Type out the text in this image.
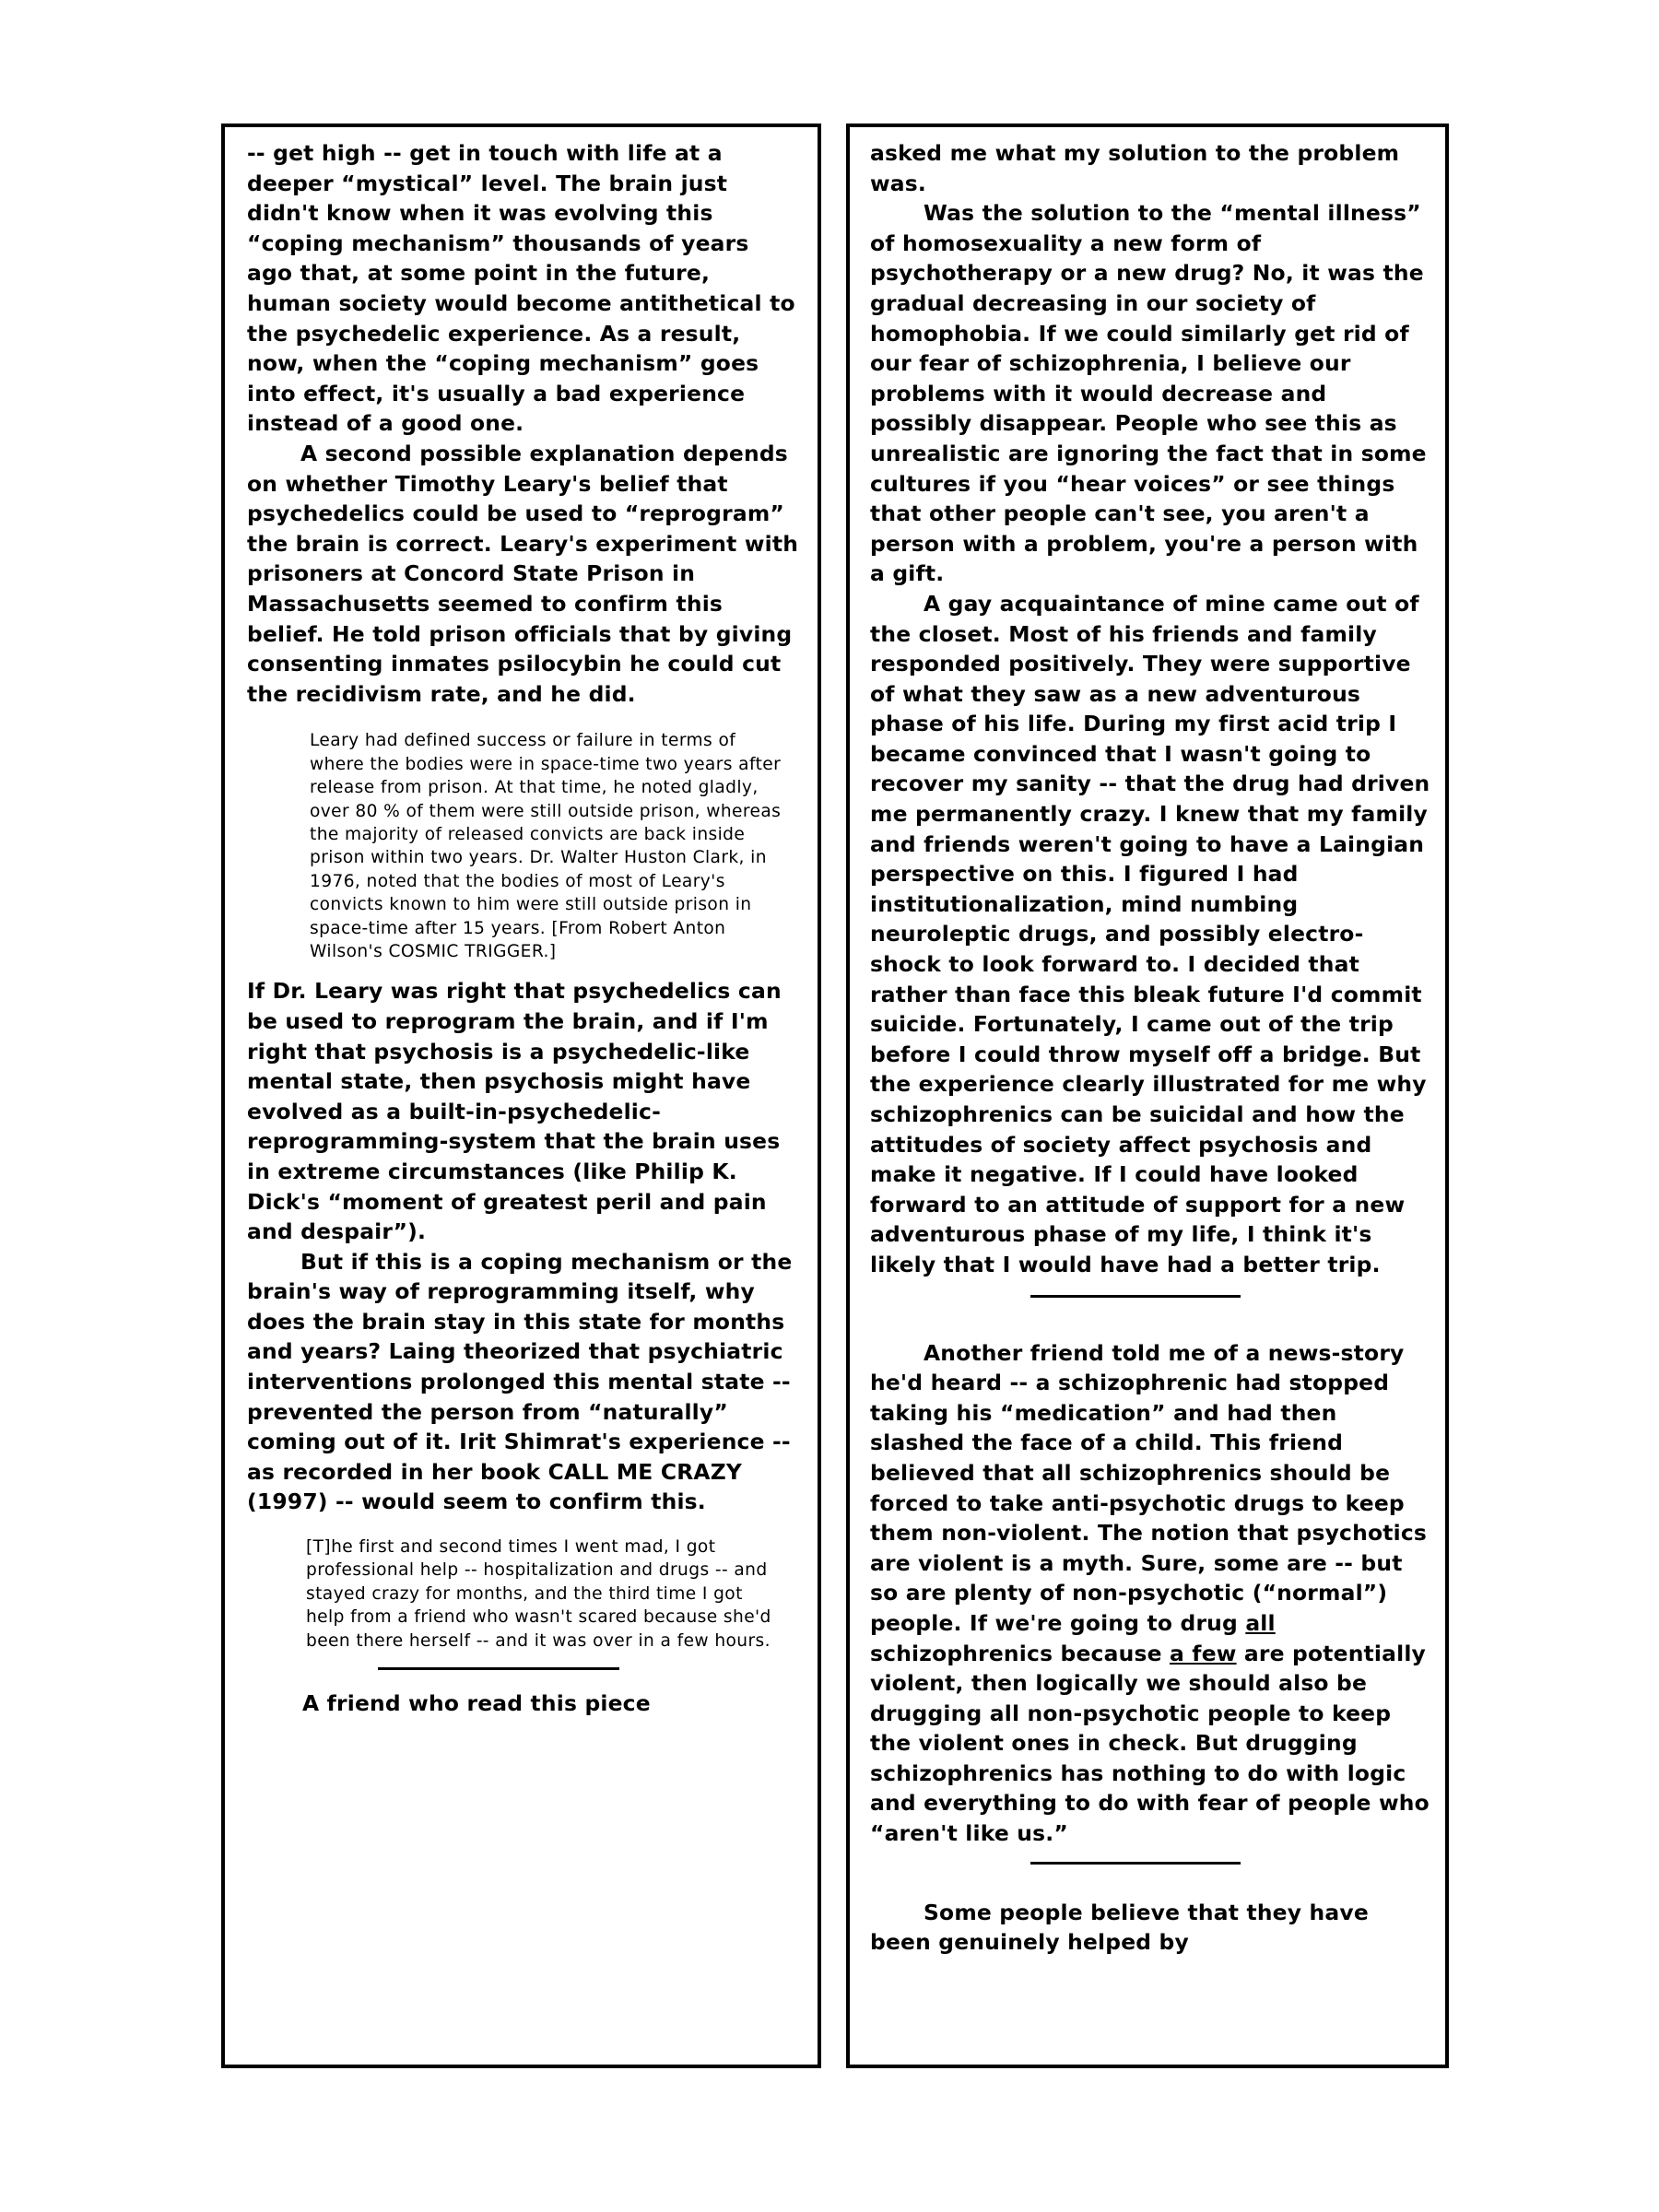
-- get high -- get in touch with life at a deeper “mystical” level. The brain just didn't know when it was evolving this “coping mechanism” thousands of years ago that, at some point in the future, human society would become antithetical to the psychedelic experience. As a result, now, when the “coping mechanism” goes into effect, it's usually a bad experience instead of a good one.

A second possible explanation depends on whether Timothy Leary's belief that psychedelics could be used to “reprogram” the brain is correct. Leary's experiment with prisoners at Concord State Prison in Massachusetts seemed to confirm this belief. He told prison officials that by giving consenting inmates psilocybin he could cut the recidivism rate, and he did.

Leary had defined success or failure in terms of where the bodies were in space-time two years after release from prison. At that time, he noted gladly, over 80 % of them were still outside prison, whereas the majority of released convicts are back inside prison within two years. Dr. Walter Huston Clark, in 1976, noted that the bodies of most of Leary's convicts known to him were still outside prison in space-time after 15 years. [From Robert Anton Wilson's COSMIC TRIGGER.]

If Dr. Leary was right that psychedelics can be used to reprogram the brain, and if I'm right that psychosis is a psychedelic-like mental state, then psychosis might have evolved as a built-in-psychedelic-reprogramming-system that the brain uses in extreme circumstances (like Philip K. Dick's “moment of greatest peril and pain and despair”).

But if this is a coping mechanism or the brain's way of reprogramming itself, why does the brain stay in this state for months and years? Laing theorized that psychiatric interventions prolonged this mental state -- prevented the person from “naturally” coming out of it. Irit Shimrat's experience -- as recorded in her book CALL ME CRAZY (1997) -- would seem to confirm this.

[T]he first and second times I went mad, I got professional help -- hospitalization and drugs -- and stayed crazy for months, and the third time I got help from a friend who wasn't scared because she'd been there herself -- and it was over in a few hours.

A friend who read this piece

asked me what my solution to the problem was.

Was the solution to the “mental illness” of homosexuality a new form of psychotherapy or a new drug? No, it was the gradual decreasing in our society of homophobia. If we could similarly get rid of our fear of schizophrenia, I believe our problems with it would decrease and possibly disappear. People who see this as unrealistic are ignoring the fact that in some cultures if you “hear voices” or see things that other people can't see, you aren't a person with a problem, you're a person with a gift.

A gay acquaintance of mine came out of the closet. Most of his friends and family responded positively. They were supportive of what they saw as a new adventurous phase of his life. During my first acid trip I became convinced that I wasn't going to recover my sanity -- that the drug had driven me permanently crazy. I knew that my family and friends weren't going to have a Laingian perspective on this. I figured I had institutionalization, mind numbing neuroleptic drugs, and possibly electro-shock to look forward to. I decided that rather than face this bleak future I'd commit suicide. Fortunately, I came out of the trip before I could throw myself off a bridge. But the experience clearly illustrated for me why schizophrenics can be suicidal and how the attitudes of society affect psychosis and make it negative. If I could have looked forward to an attitude of support for a new adventurous phase of my life, I think it's likely that I would have had a better trip.

Another friend told me of a news-story he'd heard -- a schizophrenic had stopped taking his “medication” and had then slashed the face of a child. This friend believed that all schizophrenics should be forced to take anti-psychotic drugs to keep them non-violent. The notion that psychotics are violent is a myth. Sure, some are -- but so are plenty of non-psychotic (“normal”) people. If we're going to drug all schizophrenics because a few are potentially violent, then logically we should also be drugging all non-psychotic people to keep the violent ones in check. But drugging schizophrenics has nothing to do with logic and everything to do with fear of people who “aren't like us.”

Some people believe that they have been genuinely helped by
